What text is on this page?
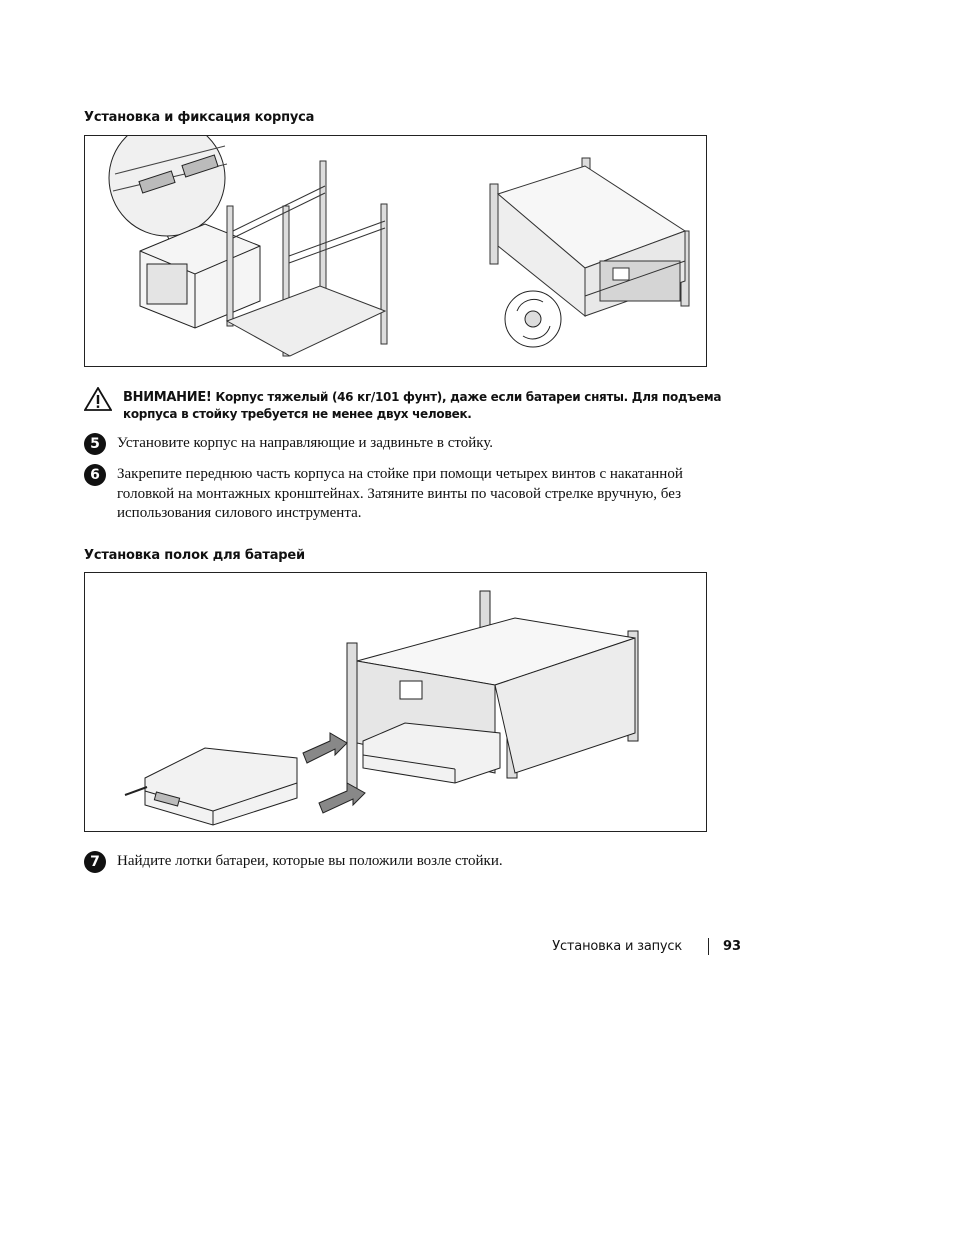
Установка и фиксация корпуса
ВНИМАНИЕ! Корпус тяжелый (46 кг/101 фунт), даже если батареи сняты. Для подъема корпуса в стойку требуется не менее двух человек.
5	Установите корпус на направляющие и задвиньте в стойку.
6	Закрепите переднюю часть корпуса на стойке при помощи четырех винтов с накатанной головкой на монтажных кронштейнах. Затяните винты по часовой стрелке вручную, без использования силового инструмента.
Установка полок для батарей
7	Найдите лотки батареи, которые вы положили возле стойки.
Установка и запуск	93
